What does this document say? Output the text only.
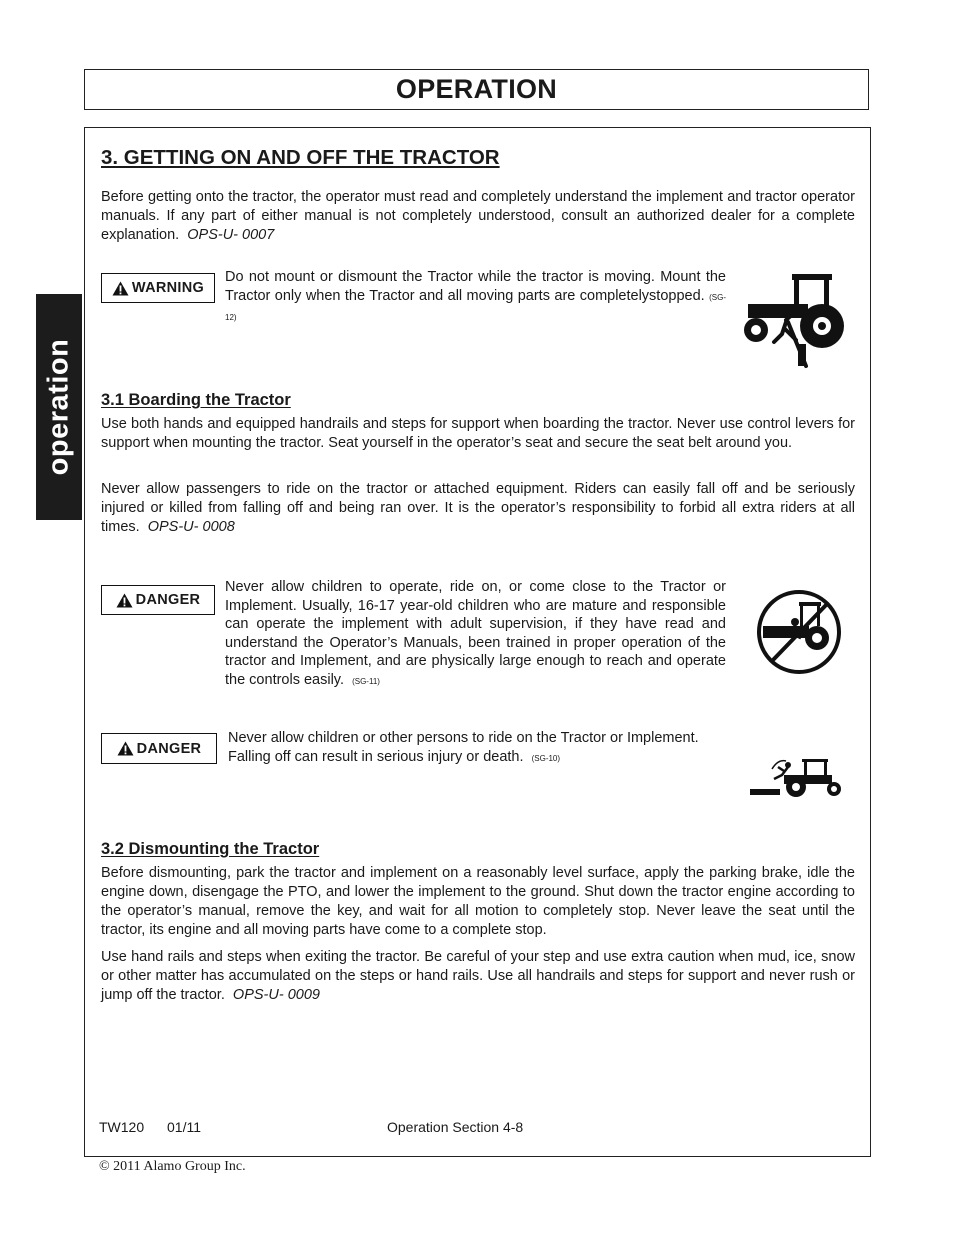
OPERATION
operation
3. GETTING ON AND OFF THE TRACTOR

Before getting onto the tractor, the operator must read and completely understand the implement and tractor operator manuals. If any part of either manual is not completely understood, consult an authorized dealer for a complete explanation. OPS-U- 0007

WARNING

Do not mount or dismount the Tractor while the tractor is moving. Mount the Tractor only when the Tractor and all moving parts are completelystopped. (SG-12)

3.1 Boarding the Tractor

Use both hands and equipped handrails and steps for support when boarding the tractor. Never use control levers for support when mounting the tractor. Seat yourself in the operator’s seat and secure the seat belt around you.

Never allow passengers to ride on the tractor or attached equipment. Riders can easily fall off and be seriously injured or killed from falling off and being ran over. It is the operator’s responsibility to forbid all extra riders at all times. OPS-U- 0008

DANGER

Never allow children to operate, ride on, or come close to the Tractor or Implement. Usually, 16-17 year-old children who are mature and responsible can operate the implement with adult supervision, if they have read and understand the Operator’s Manuals, been trained in proper operation of the tractor and Implement, and are physically large enough to reach and operate the controls easily. (SG-11)

DANGER

Never allow children or other persons to ride on the Tractor or Implement. Falling off can result in serious injury or death. (SG-10)

3.2 Dismounting the Tractor

Before dismounting, park the tractor and implement on a reasonably level surface, apply the parking brake, idle the engine down, disengage the PTO, and lower the implement to the ground. Shut down the tractor engine according to the operator’s manual, remove the key, and wait for all motion to completely stop. Never leave the seat until the tractor, its engine and all moving parts have come to a complete stop.

Use hand rails and steps when exiting the tractor. Be careful of your step and use extra caution when mud, ice, snow or other matter has accumulated on the steps or hand rails. Use all handrails and steps for support and never rush or jump off the tractor. OPS-U- 0009

TW120 01/11	Operation Section 4-8
© 2011 Alamo Group Inc.
